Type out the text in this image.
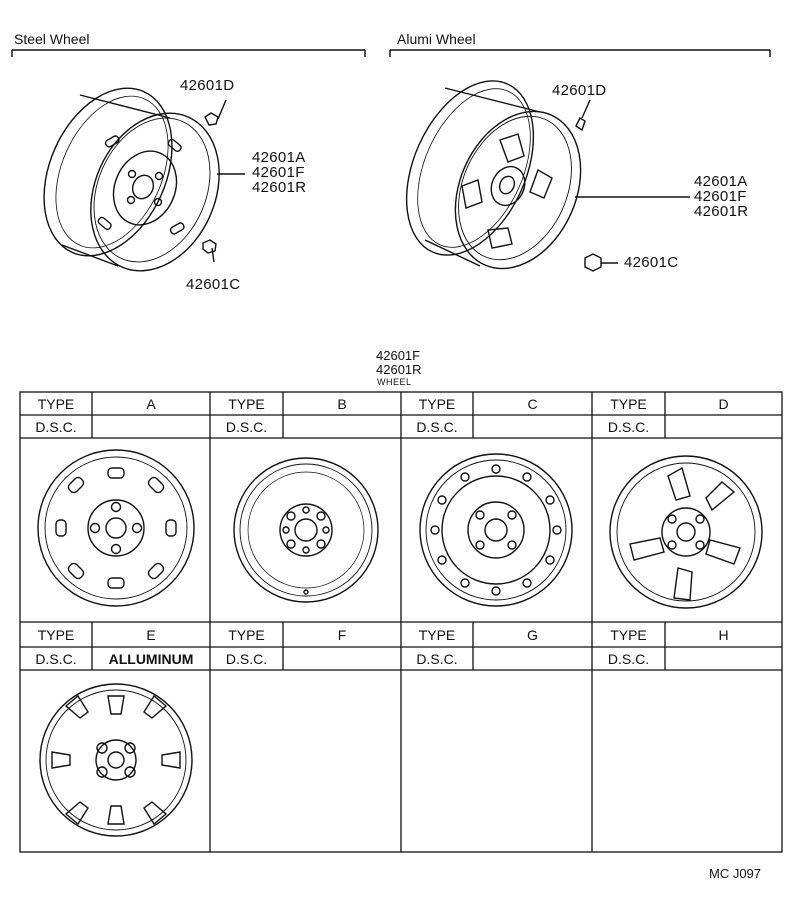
Steel Wheel	Alumi Wheel
42601D
42601A
42601F
42601R
42601C
42601D
42601A
42601F
42601R
42601C
42601F
42601R
WHEEL
TYPE	A
D.S.C.
TYPE	B
D.S.C.
TYPE	C
D.S.C.
TYPE	D
D.S.C.
TYPE	E
D.S.C.	ALLUMINUM
TYPE	F
D.S.C.
TYPE	G
D.S.C.
TYPE	H
D.S.C.
MC J097
